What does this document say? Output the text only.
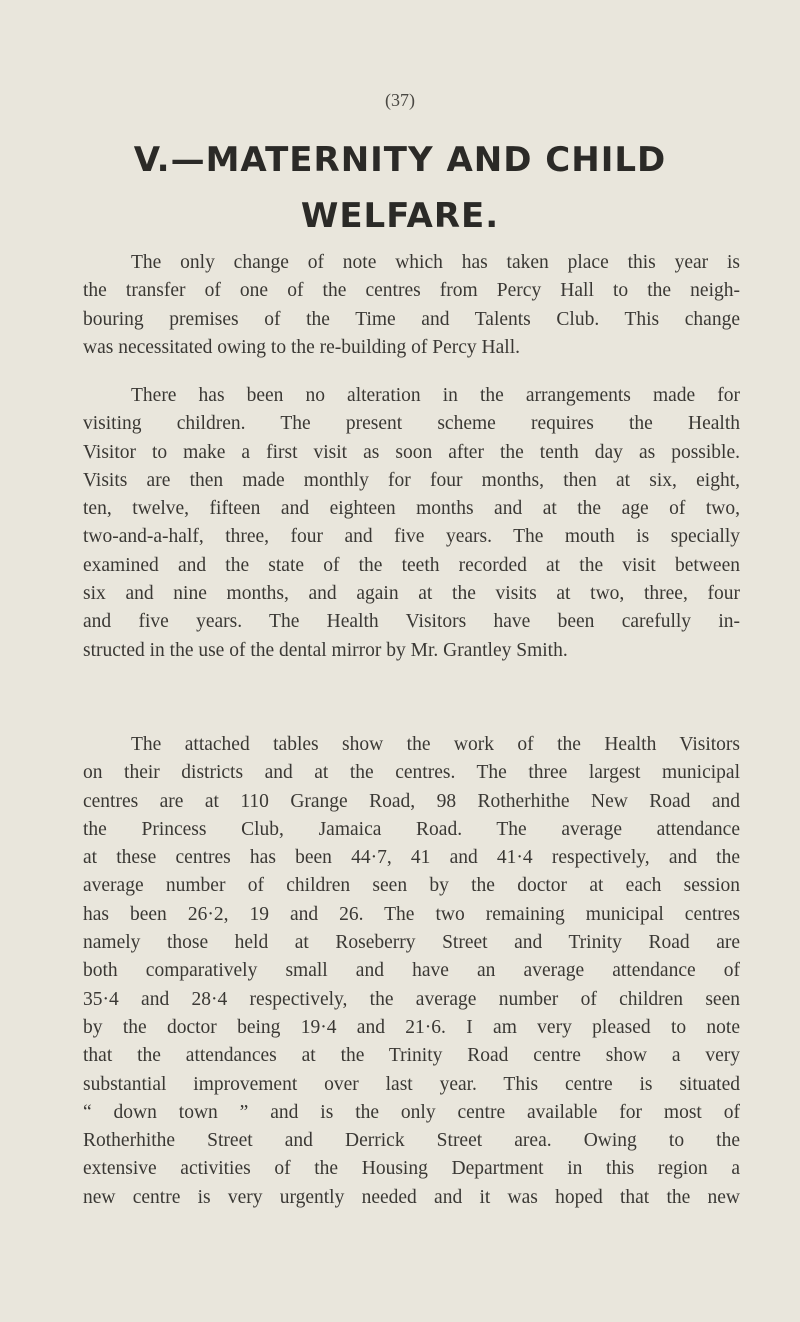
(37)
V.—MATERNITY AND CHILD
WELFARE.
The only change of note which has taken place this year is
the transfer of one of the centres from Percy Hall to the neigh-
bouring premises of the Time and Talents Club. This change
was necessitated owing to the re-building of Percy Hall.
There has been no alteration in the arrangements made for
visiting children. The present scheme requires the Health
Visitor to make a first visit as soon after the tenth day as possible.
Visits are then made monthly for four months, then at six, eight,
ten, twelve, fifteen and eighteen months and at the age of two,
two-and-a-half, three, four and five years. The mouth is specially
examined and the state of the teeth recorded at the visit between
six and nine months, and again at the visits at two, three, four
and five years. The Health Visitors have been carefully in-
structed in the use of the dental mirror by Mr. Grantley Smith.
The attached tables show the work of the Health Visitors
on their districts and at the centres. The three largest municipal
centres are at 110 Grange Road, 98 Rotherhithe New Road and
the Princess Club, Jamaica Road. The average attendance
at these centres has been 44·7, 41 and 41·4 respectively, and the
average number of children seen by the doctor at each session
has been 26·2, 19 and 26. The two remaining municipal centres
namely those held at Roseberry Street and Trinity Road are
both comparatively small and have an average attendance of
35·4 and 28·4 respectively, the average number of children seen
by the doctor being 19·4 and 21·6. I am very pleased to note
that the attendances at the Trinity Road centre show a very
substantial improvement over last year. This centre is situated
“ down town ” and is the only centre available for most of
Rotherhithe Street and Derrick Street area. Owing to the
extensive activities of the Housing Department in this region a
new centre is very urgently needed and it was hoped that the new
